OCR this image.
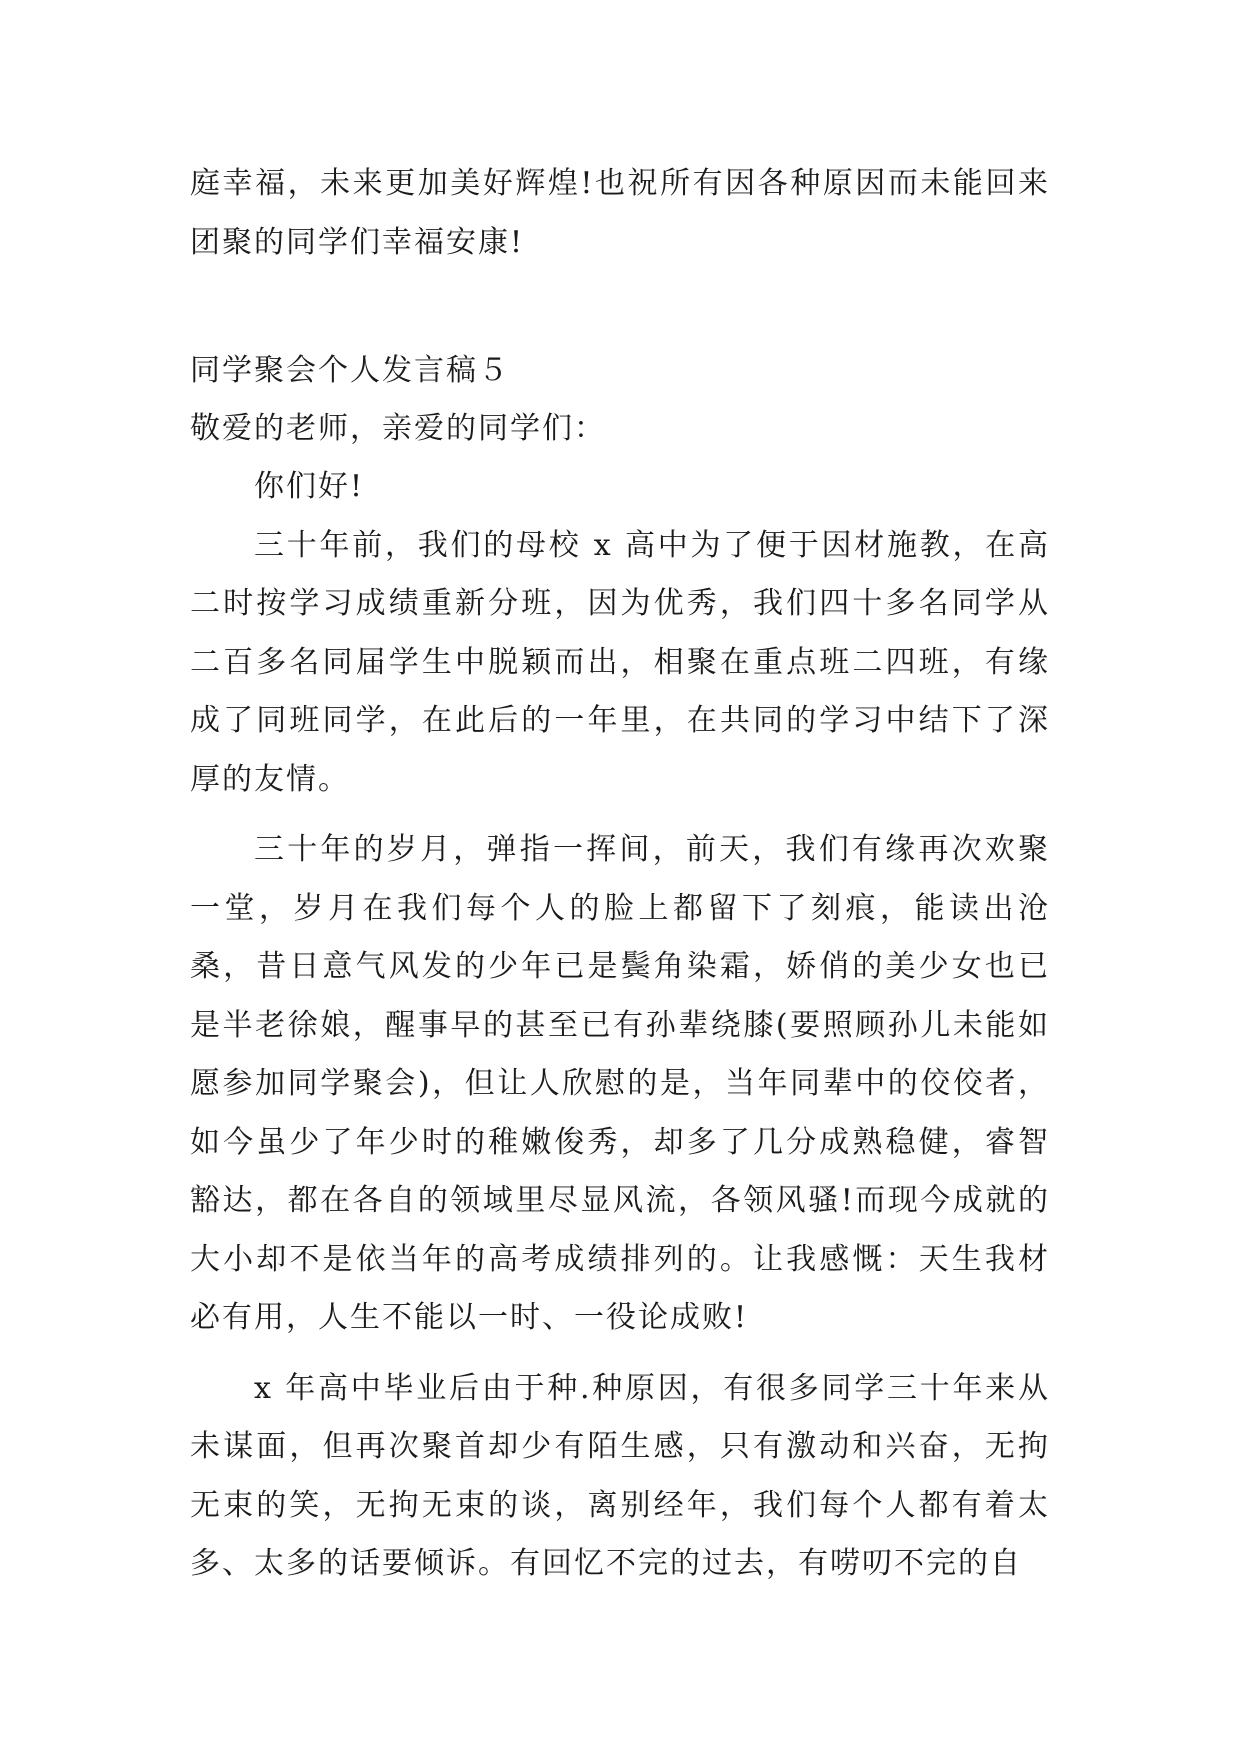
庭幸福，未来更加美好辉煌!也祝所有因各种原因而未能回来团聚的同学们幸福安康!
同学聚会个人发言稿５
敬爱的老师，亲爱的同学们：

你们好!

三十年前，我们的母校 x 高中为了便于因材施教，在高二时按学习成绩重新分班，因为优秀，我们四十多名同学从二百多名同届学生中脱颖而出，相聚在重点班二四班，有缘成了同班同学，在此后的一年里，在共同的学习中结下了深厚的友情。

三十年的岁月，弹指一挥间，前天，我们有缘再次欢聚一堂，岁月在我们每个人的脸上都留下了刻痕，能读出沧桑，昔日意气风发的少年已是鬓角染霜，娇俏的美少女也已是半老徐娘，醒事早的甚至已有孙辈绕膝(要照顾孙儿未能如愿参加同学聚会)，但让人欣慰的是，当年同辈中的佼佼者，如今虽少了年少时的稚嫩俊秀，却多了几分成熟稳健，睿智豁达，都在各自的领域里尽显风流，各领风骚!而现今成就的大小却不是依当年的高考成绩排列的。让我感慨：天生我材必有用，人生不能以一时、一役论成败!

x 年高中毕业后由于种.种原因，有很多同学三十年来从未谋面，但再次聚首却少有陌生感，只有激动和兴奋，无拘无束的笑，无拘无束的谈，离别经年，我们每个人都有着太多、太多的话要倾诉。有回忆不完的过去，有唠叨不完的自
